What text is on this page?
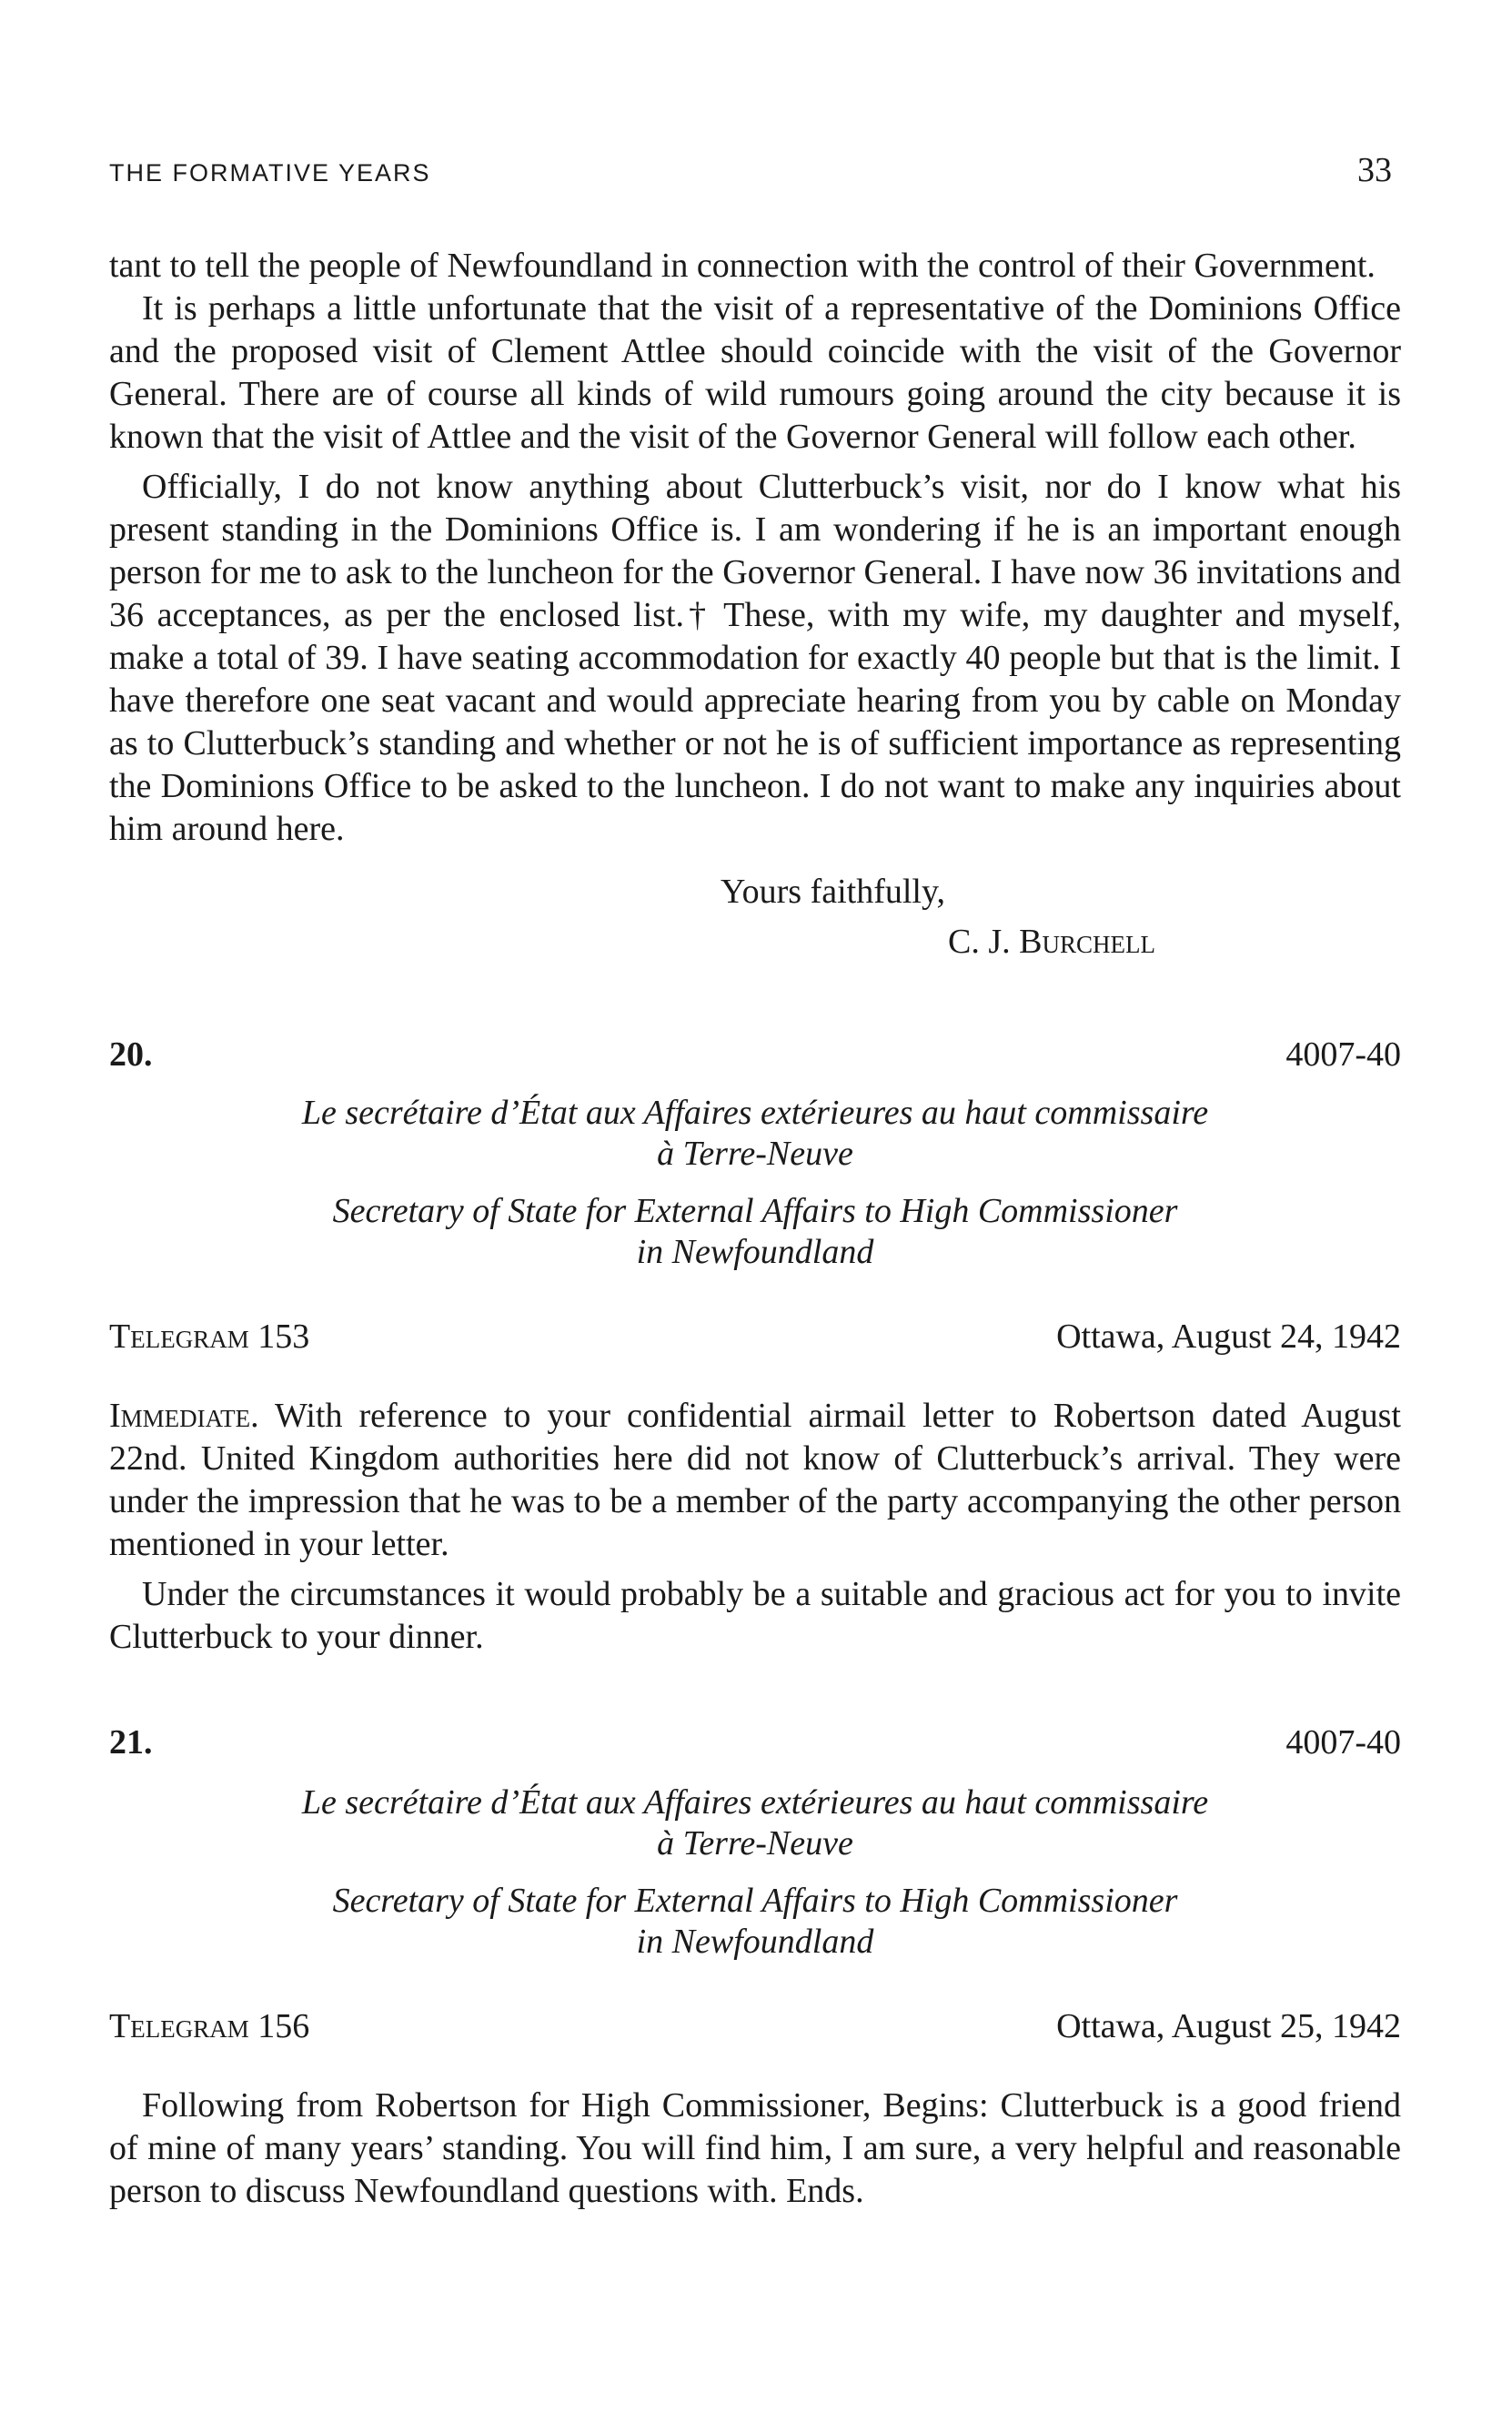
THE FORMATIVE YEARS	33

tant to tell the people of Newfoundland in connection with the control of their Government.

It is perhaps a little unfortunate that the visit of a representative of the Dominions Office and the proposed visit of Clement Attlee should coincide with the visit of the Governor General. There are of course all kinds of wild rumours going around the city because it is known that the visit of Attlee and the visit of the Governor General will follow each other.

Officially, I do not know anything about Clutterbuck’s visit, nor do I know what his present standing in the Dominions Office is. I am wondering if he is an important enough person for me to ask to the luncheon for the Governor General. I have now 36 invitations and 36 acceptances, as per the enclosed list.† These, with my wife, my daughter and myself, make a total of 39. I have seating accommodation for exactly 40 people but that is the limit. I have therefore one seat vacant and would appreciate hearing from you by cable on Monday as to Clutterbuck’s standing and whether or not he is of sufficient importance as representing the Dominions Office to be asked to the luncheon. I do not want to make any inquiries about him around here.

Yours faithfully,
C. J. Burchell
20.	4007-40
Le secrétaire d’État aux Affaires extérieures au haut commissaire
à Terre-Neuve
Secretary of State for External Affairs to High Commissioner
in Newfoundland
Telegram 153	Ottawa, August 24, 1942

Immediate. With reference to your confidential airmail letter to Robertson dated August 22nd. United Kingdom authorities here did not know of Clutterbuck’s arrival. They were under the impression that he was to be a member of the party accompanying the other person mentioned in your letter.

Under the circumstances it would probably be a suitable and gracious act for you to invite Clutterbuck to your dinner.

21.	4007-40
Le secrétaire d’État aux Affaires extérieures au haut commissaire
à Terre-Neuve
Secretary of State for External Affairs to High Commissioner
in Newfoundland
Telegram 156	Ottawa, August 25, 1942

Following from Robertson for High Commissioner, Begins: Clutterbuck is a good friend of mine of many years’ standing. You will find him, I am sure, a very helpful and reasonable person to discuss Newfoundland questions with. Ends.
